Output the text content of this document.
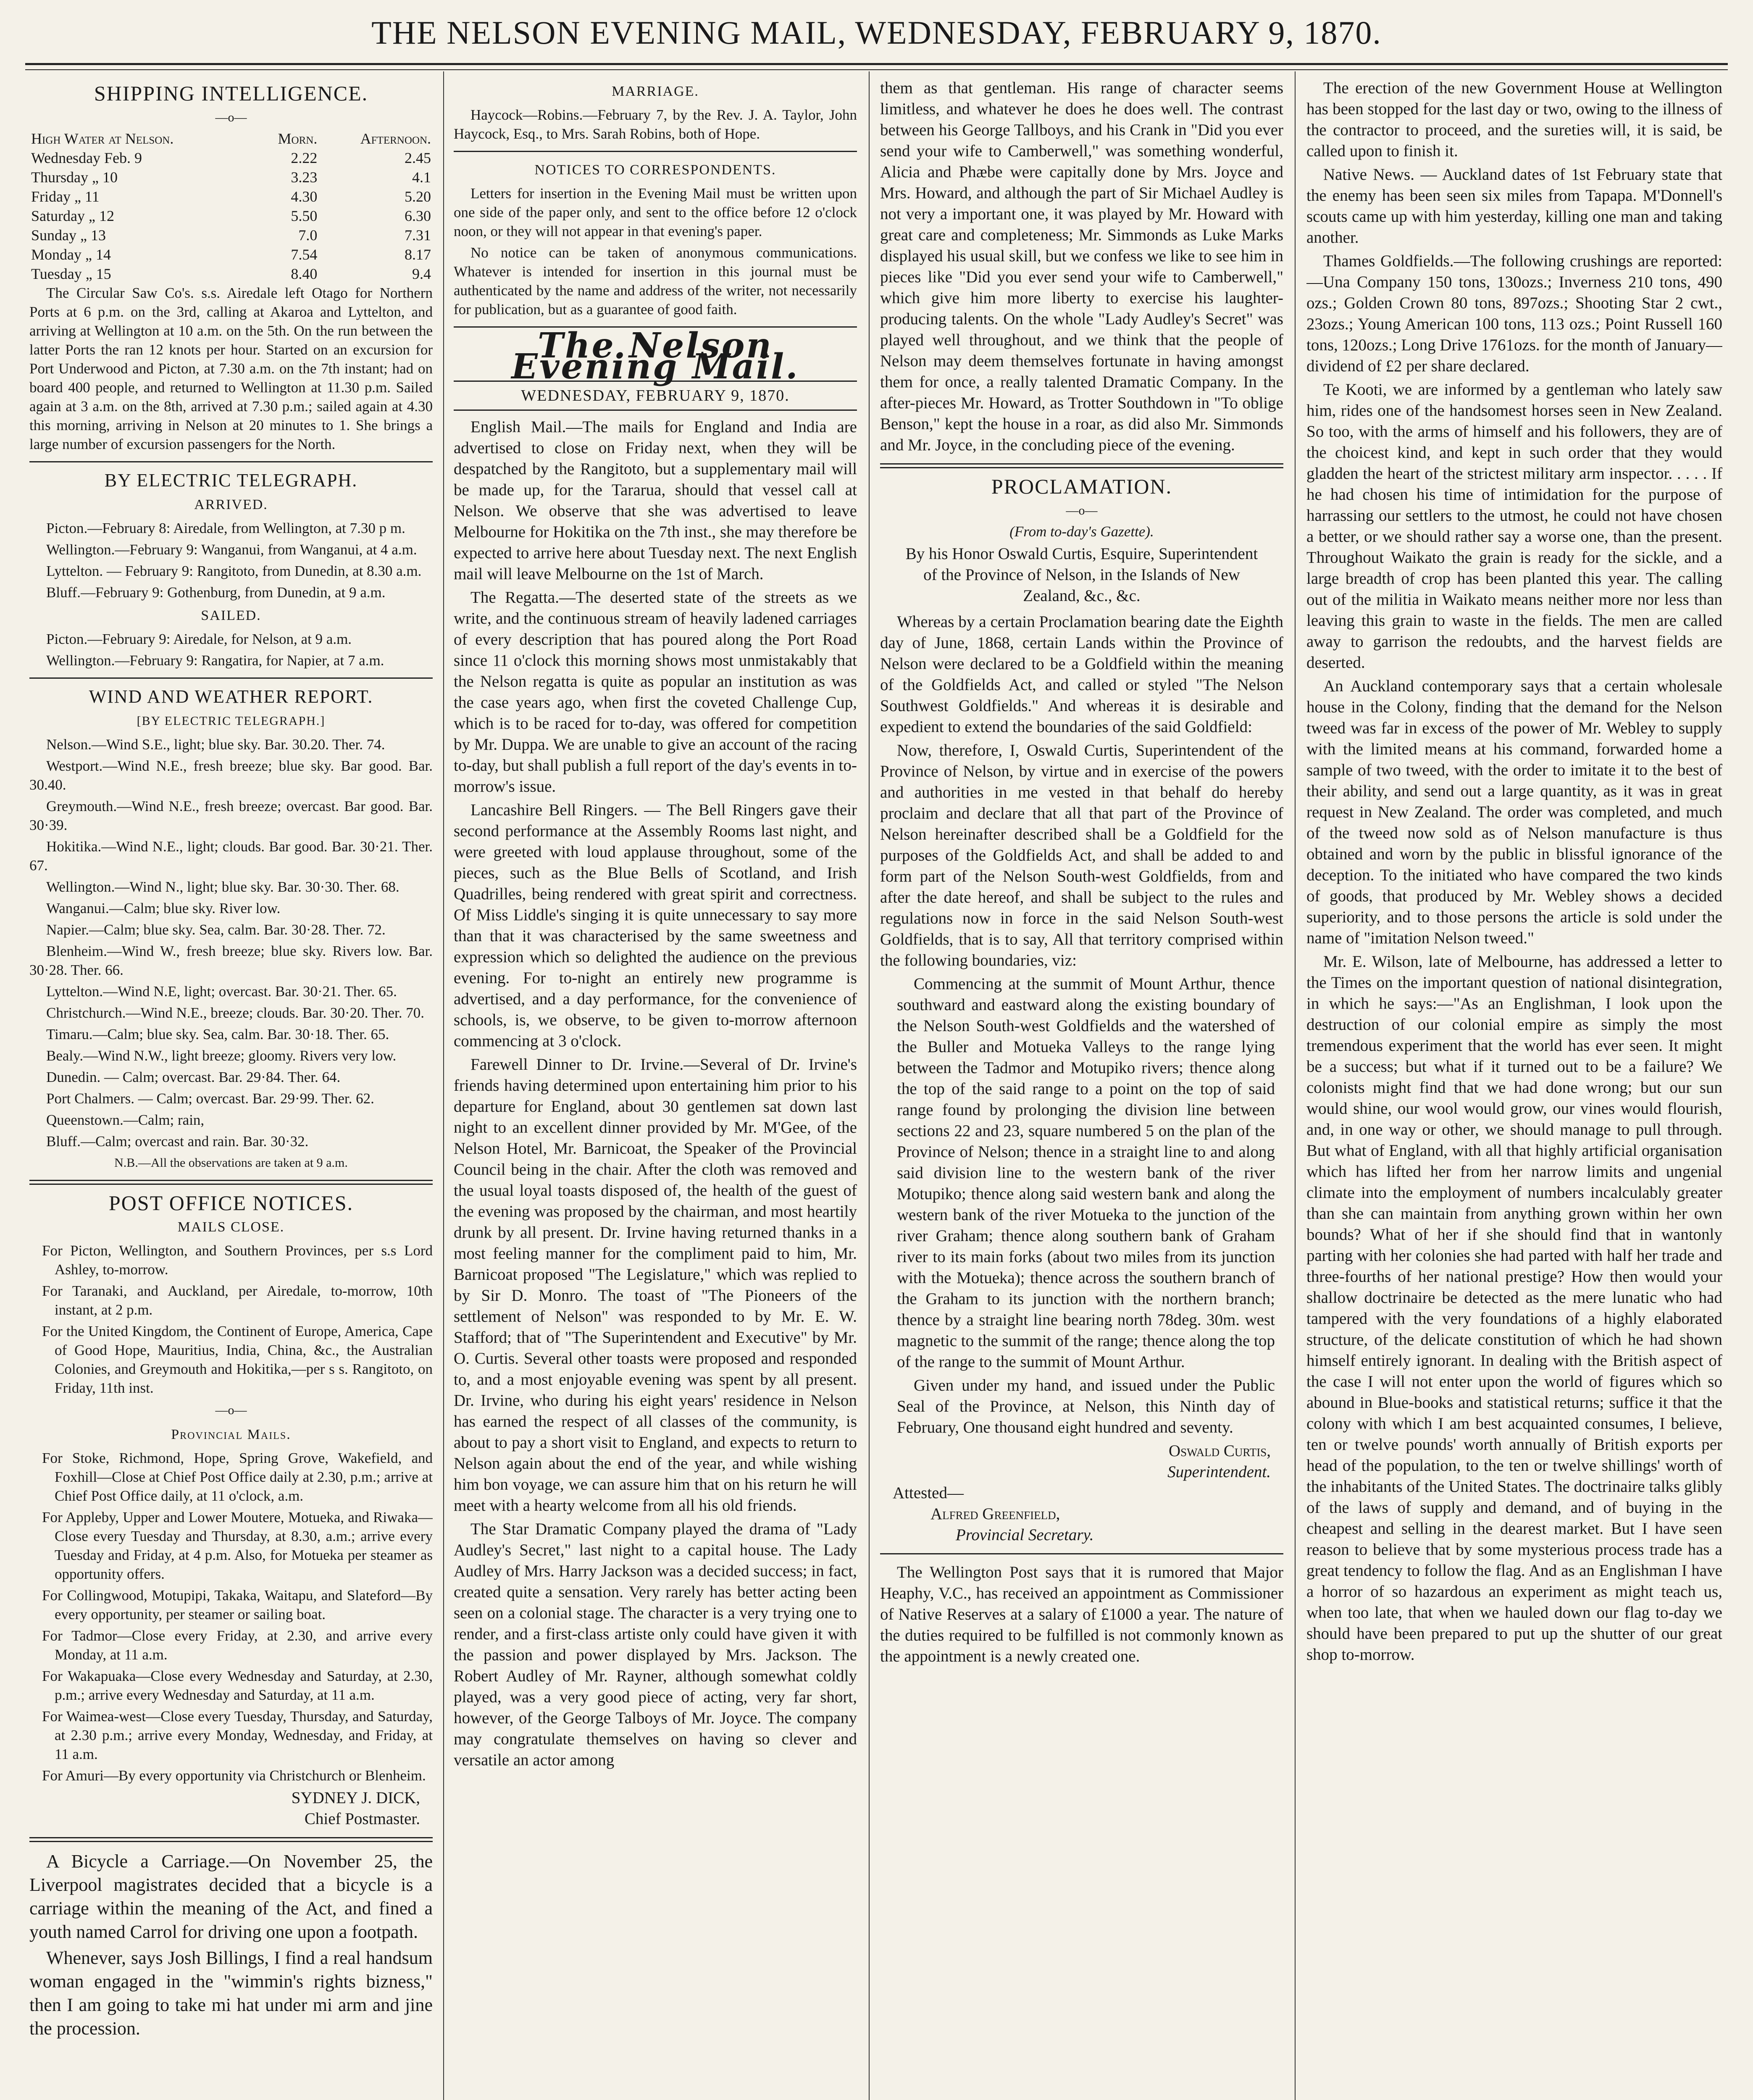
THE NELSON EVENING MAIL, WEDNESDAY, FEBRUARY 9, 1870.
SHIPPING INTELLIGENCE.
—o—
High Water at Nelson.	Morn.	Afternoon.
Wednesday Feb. 9	2.22	2.45
Thursday „ 10	3.23	4.1
Friday „ 11	4.30	5.20
Saturday „ 12	5.50	6.30
Sunday „ 13	7.0	7.31
Monday „ 14	7.54	8.17
Tuesday „ 15	8.40	9.4

The Circular Saw Co's. s.s. Airedale left Otago for Northern Ports at 6 p.m. on the 3rd, calling at Akaroa and Lyttelton, and arriving at Wellington at 10 a.m. on the 5th. On the run between the latter Ports the ran 12 knots per hour. Started on an excursion for Port Underwood and Picton, at 7.30 a.m. on the 7th instant; had on board 400 people, and returned to Wellington at 11.30 p.m. Sailed again at 3 a.m. on the 8th, arrived at 7.30 p.m.; sailed again at 4.30 this morning, arriving in Nelson at 20 minutes to 1. She brings a large number of excursion passengers for the North.

BY ELECTRIC TELEGRAPH.
ARRIVED.

Picton.—February 8: Airedale, from Wellington, at 7.30 p m.

Wellington.—February 9: Wanganui, from Wanganui, at 4 a.m.

Lyttelton. — February 9: Rangitoto, from Dunedin, at 8.30 a.m.

Bluff.—February 9: Gothenburg, from Dunedin, at 9 a.m.

SAILED.

Picton.—February 9: Airedale, for Nelson, at 9 a.m.

Wellington.—February 9: Rangatira, for Napier, at 7 a.m.

WIND AND WEATHER REPORT.
[BY ELECTRIC TELEGRAPH.]

Nelson.—Wind S.E., light; blue sky. Bar. 30.20. Ther. 74.

Westport.—Wind N.E., fresh breeze; blue sky. Bar good. Bar. 30.40.

Greymouth.—Wind N.E., fresh breeze; overcast. Bar good. Bar. 30·39.

Hokitika.—Wind N.E., light; clouds. Bar good. Bar. 30·21. Ther. 67.

Wellington.—Wind N., light; blue sky. Bar. 30·30. Ther. 68.

Wanganui.—Calm; blue sky. River low.

Napier.—Calm; blue sky. Sea, calm. Bar. 30·28. Ther. 72.

Blenheim.—Wind W., fresh breeze; blue sky. Rivers low. Bar. 30·28. Ther. 66.

Lyttelton.—Wind N.E, light; overcast. Bar. 30·21. Ther. 65.

Christchurch.—Wind N.E., breeze; clouds. Bar. 30·20. Ther. 70.

Timaru.—Calm; blue sky. Sea, calm. Bar. 30·18. Ther. 65.

Bealy.—Wind N.W., light breeze; gloomy. Rivers very low.

Dunedin. — Calm; overcast. Bar. 29·84. Ther. 64.

Port Chalmers. — Calm; overcast. Bar. 29·99. Ther. 62.

Queenstown.—Calm; rain,

Bluff.—Calm; overcast and rain. Bar. 30·32.

N.B.—All the observations are taken at 9 a.m.

POST OFFICE NOTICES.
MAILS CLOSE.

For Picton, Wellington, and Southern Provinces, per s.s Lord Ashley, to-morrow.

For Taranaki, and Auckland, per Airedale, to-morrow, 10th instant, at 2 p.m.

For the United Kingdom, the Continent of Europe, America, Cape of Good Hope, Mauritius, India, China, &c., the Australian Colonies, and Greymouth and Hokitika,—per s s. Rangitoto, on Friday, 11th inst.

—o—
Provincial Mails.

For Stoke, Richmond, Hope, Spring Grove, Wakefield, and Foxhill—Close at Chief Post Office daily at 2.30, p.m.; arrive at Chief Post Office daily, at 11 o'clock, a.m.

For Appleby, Upper and Lower Moutere, Motueka, and Riwaka—Close every Tuesday and Thursday, at 8.30, a.m.; arrive every Tuesday and Friday, at 4 p.m. Also, for Motueka per steamer as opportunity offers.

For Collingwood, Motupipi, Takaka, Waitapu, and Slateford—By every opportunity, per steamer or sailing boat.

For Tadmor—Close every Friday, at 2.30, and arrive every Monday, at 11 a.m.

For Wakapuaka—Close every Wednesday and Saturday, at 2.30, p.m.; arrive every Wednesday and Saturday, at 11 a.m.

For Waimea-west—Close every Tuesday, Thursday, and Saturday, at 2.30 p.m.; arrive every Monday, Wednesday, and Friday, at 11 a.m.

For Amuri—By every opportunity via Christchurch or Blenheim.

SYDNEY J. DICK,
Chief Postmaster.

A Bicycle a Carriage.—On November 25, the Liverpool magistrates decided that a bicycle is a carriage within the meaning of the Act, and fined a youth named Carrol for driving one upon a footpath.

Whenever, says Josh Billings, I find a real handsum woman engaged in the "wimmin's rights bizness," then I am going to take mi hat under mi arm and jine the procession.

MARRIAGE.

Haycock—Robins.—February 7, by the Rev. J. A. Taylor, John Haycock, Esq., to Mrs. Sarah Robins, both of Hope.

NOTICES TO CORRESPONDENTS.

Letters for insertion in the Evening Mail must be written upon one side of the paper only, and sent to the office before 12 o'clock noon, or they will not appear in that evening's paper.

No notice can be taken of anonymous communications. Whatever is intended for insertion in this journal must be authenticated by the name and address of the writer, not necessarily for publication, but as a guarantee of good faith.

The Nelson Evening Mail.
WEDNESDAY, FEBRUARY 9, 1870.

English Mail.—The mails for England and India are advertised to close on Friday next, when they will be despatched by the Rangitoto, but a supplementary mail will be made up, for the Tararua, should that vessel call at Nelson. We observe that she was advertised to leave Melbourne for Hokitika on the 7th inst., she may therefore be expected to arrive here about Tuesday next. The next English mail will leave Melbourne on the 1st of March.

The Regatta.—The deserted state of the streets as we write, and the continuous stream of heavily ladened carriages of every description that has poured along the Port Road since 11 o'clock this morning shows most unmistakably that the Nelson regatta is quite as popular an institution as was the case years ago, when first the coveted Challenge Cup, which is to be raced for to-day, was offered for competition by Mr. Duppa. We are unable to give an account of the racing to-day, but shall publish a full report of the day's events in to-morrow's issue.

Lancashire Bell Ringers. — The Bell Ringers gave their second performance at the Assembly Rooms last night, and were greeted with loud applause throughout, some of the pieces, such as the Blue Bells of Scotland, and Irish Quadrilles, being rendered with great spirit and correctness. Of Miss Liddle's singing it is quite unnecessary to say more than that it was characterised by the same sweetness and expression which so delighted the audience on the previous evening. For to-night an entirely new programme is advertised, and a day performance, for the convenience of schools, is, we observe, to be given to-morrow afternoon commencing at 3 o'clock.

Farewell Dinner to Dr. Irvine.—Several of Dr. Irvine's friends having determined upon entertaining him prior to his departure for England, about 30 gentlemen sat down last night to an excellent dinner provided by Mr. M'Gee, of the Nelson Hotel, Mr. Barnicoat, the Speaker of the Provincial Council being in the chair. After the cloth was removed and the usual loyal toasts disposed of, the health of the guest of the evening was proposed by the chairman, and most heartily drunk by all present. Dr. Irvine having returned thanks in a most feeling manner for the compliment paid to him, Mr. Barnicoat proposed "The Legislature," which was replied to by Sir D. Monro. The toast of "The Pioneers of the settlement of Nelson" was responded to by Mr. E. W. Stafford; that of "The Superintendent and Executive" by Mr. O. Curtis. Several other toasts were proposed and responded to, and a most enjoyable evening was spent by all present. Dr. Irvine, who during his eight years' residence in Nelson has earned the respect of all classes of the community, is about to pay a short visit to England, and expects to return to Nelson again about the end of the year, and while wishing him bon voyage, we can assure him that on his return he will meet with a hearty welcome from all his old friends.

The Star Dramatic Company played the drama of "Lady Audley's Secret," last night to a capital house. The Lady Audley of Mrs. Harry Jackson was a decided success; in fact, created quite a sensation. Very rarely has better acting been seen on a colonial stage. The character is a very trying one to render, and a first-class artiste only could have given it with the passion and power displayed by Mrs. Jackson. The Robert Audley of Mr. Rayner, although somewhat coldly played, was a very good piece of acting, very far short, however, of the George Talboys of Mr. Joyce. The company may congratulate themselves on having so clever and versatile an actor among

them as that gentleman. His range of character seems limitless, and whatever he does he does well. The contrast between his George Tallboys, and his Crank in "Did you ever send your wife to Camberwell," was something wonderful, Alicia and Phæbe were capitally done by Mrs. Joyce and Mrs. Howard, and although the part of Sir Michael Audley is not very a important one, it was played by Mr. Howard with great care and completeness; Mr. Simmonds as Luke Marks displayed his usual skill, but we confess we like to see him in pieces like "Did you ever send your wife to Camberwell," which give him more liberty to exercise his laughter-producing talents. On the whole "Lady Audley's Secret" was played well throughout, and we think that the people of Nelson may deem themselves fortunate in having amongst them for once, a really talented Dramatic Company. In the after-pieces Mr. Howard, as Trotter Southdown in "To oblige Benson," kept the house in a roar, as did also Mr. Simmonds and Mr. Joyce, in the concluding piece of the evening.

PROCLAMATION.
—o—

(From to-day's Gazette).

By his Honor Oswald Curtis, Esquire, Superintendent of the Province of Nelson, in the Islands of New Zealand, &c., &c.

Whereas by a certain Proclamation bearing date the Eighth day of June, 1868, certain Lands within the Province of Nelson were declared to be a Goldfield within the meaning of the Goldfields Act, and called or styled "The Nelson Southwest Goldfields." And whereas it is desirable and expedient to extend the boundaries of the said Goldfield:

Now, therefore, I, Oswald Curtis, Superintendent of the Province of Nelson, by virtue and in exercise of the powers and authorities in me vested in that behalf do hereby proclaim and declare that all that part of the Province of Nelson hereinafter described shall be a Goldfield for the purposes of the Goldfields Act, and shall be added to and form part of the Nelson South-west Goldfields, from and after the date hereof, and shall be subject to the rules and regulations now in force in the said Nelson South-west Goldfields, that is to say, All that territory comprised within the following boundaries, viz:

Commencing at the summit of Mount Arthur, thence southward and eastward along the existing boundary of the Nelson South-west Goldfields and the watershed of the Buller and Motueka Valleys to the range lying between the Tadmor and Motupiko rivers; thence along the top of the said range to a point on the top of said range found by prolonging the division line between sections 22 and 23, square numbered 5 on the plan of the Province of Nelson; thence in a straight line to and along said division line to the western bank of the river Motupiko; thence along said western bank and along the western bank of the river Motueka to the junction of the river Graham; thence along southern bank of Graham river to its main forks (about two miles from its junction with the Motueka); thence across the southern branch of the Graham to its junction with the northern branch; thence by a straight line bearing north 78deg. 30m. west magnetic to the summit of the range; thence along the top of the range to the summit of Mount Arthur.

Given under my hand, and issued under the Public Seal of the Province, at Nelson, this Ninth day of February, One thousand eight hundred and seventy.

Oswald Curtis,
Superintendent.
Attested—
Alfred Greenfield,
Provincial Secretary.

The Wellington Post says that it is rumored that Major Heaphy, V.C., has received an appointment as Commissioner of Native Reserves at a salary of £1000 a year. The nature of the duties required to be fulfilled is not commonly known as the appointment is a newly created one.

The erection of the new Government House at Wellington has been stopped for the last day or two, owing to the illness of the contractor to proceed, and the sureties will, it is said, be called upon to finish it.

Native News. — Auckland dates of 1st February state that the enemy has been seen six miles from Tapapa. M'Donnell's scouts came up with him yesterday, killing one man and taking another.

Thames Goldfields.—The following crushings are reported:—Una Company 150 tons, 130ozs.; Inverness 210 tons, 490 ozs.; Golden Crown 80 tons, 897ozs.; Shooting Star 2 cwt., 23ozs.; Young American 100 tons, 113 ozs.; Point Russell 160 tons, 120ozs.; Long Drive 1761ozs. for the month of January—dividend of £2 per share declared.

Te Kooti, we are informed by a gentleman who lately saw him, rides one of the handsomest horses seen in New Zealand. So too, with the arms of himself and his followers, they are of the choicest kind, and kept in such order that they would gladden the heart of the strictest military arm inspector. . . . . If he had chosen his time of intimidation for the purpose of harrassing our settlers to the utmost, he could not have chosen a better, or we should rather say a worse one, than the present. Throughout Waikato the grain is ready for the sickle, and a large breadth of crop has been planted this year. The calling out of the militia in Waikato means neither more nor less than leaving this grain to waste in the fields. The men are called away to garrison the redoubts, and the harvest fields are deserted.

An Auckland contemporary says that a certain wholesale house in the Colony, finding that the demand for the Nelson tweed was far in excess of the power of Mr. Webley to supply with the limited means at his command, forwarded home a sample of two tweed, with the order to imitate it to the best of their ability, and send out a large quantity, as it was in great request in New Zealand. The order was completed, and much of the tweed now sold as of Nelson manufacture is thus obtained and worn by the public in blissful ignorance of the deception. To the initiated who have compared the two kinds of goods, that produced by Mr. Webley shows a decided superiority, and to those persons the article is sold under the name of "imitation Nelson tweed."

Mr. E. Wilson, late of Melbourne, has addressed a letter to the Times on the important question of national disintegration, in which he says:—"As an Englishman, I look upon the destruction of our colonial empire as simply the most tremendous experiment that the world has ever seen. It might be a success; but what if it turned out to be a failure? We colonists might find that we had done wrong; but our sun would shine, our wool would grow, our vines would flourish, and, in one way or other, we should manage to pull through. But what of England, with all that highly artificial organisation which has lifted her from her narrow limits and ungenial climate into the employment of numbers incalculably greater than she can maintain from anything grown within her own bounds? What of her if she should find that in wantonly parting with her colonies she had parted with half her trade and three-fourths of her national prestige? How then would your shallow doctrinaire be detected as the mere lunatic who had tampered with the very foundations of a highly elaborated structure, of the delicate constitution of which he had shown himself entirely ignorant. In dealing with the British aspect of the case I will not enter upon the world of figures which so abound in Blue-books and statistical returns; suffice it that the colony with which I am best acquainted consumes, I believe, ten or twelve pounds' worth annually of British exports per head of the population, to the ten or twelve shillings' worth of the inhabitants of the United States. The doctrinaire talks glibly of the laws of supply and demand, and of buying in the cheapest and selling in the dearest market. But I have seen reason to believe that by some mysterious process trade has a great tendency to follow the flag. And as an Englishman I have a horror of so hazardous an experiment as might teach us, when too late, that when we hauled down our flag to-day we should have been prepared to put up the shutter of our great shop to-morrow.
